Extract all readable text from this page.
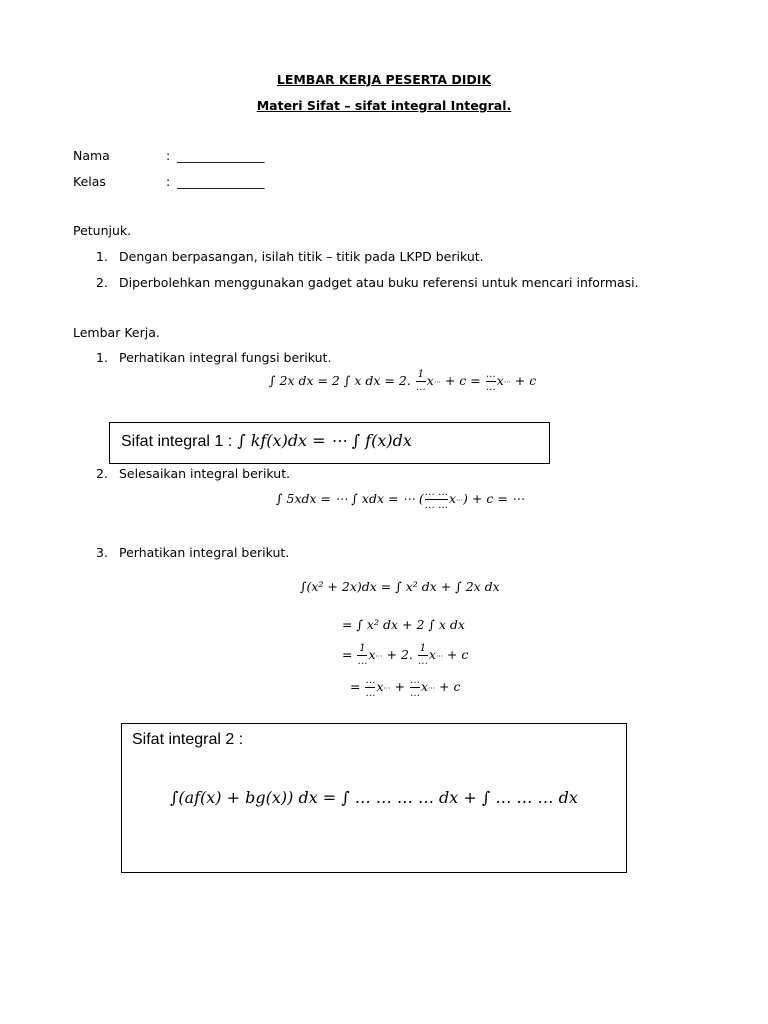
LEMBAR KERJA PESERTA DIDIK
Materi Sifat – sifat integral Integral.
Nama	: ______________
Kelas	: ______________
Petunjuk.
1. Dengan berpasangan, isilah titik – titik pada LKPD berikut.
2. Diperbolehkan menggunakan gadget atau buku referensi untuk mencari informasi.
Lembar Kerja.
1. Perhatikan integral fungsi berikut.
∫ 2x dx = 2 ∫ x dx = 2. $\frac{1}{\dots} x^\dots + c = \frac{\dots}{\dots} x^\dots + c$
Sifat integral 1 : ∫ kf(x)dx = ⋯ ∫ f(x)dx
2. Selesaikan integral berikut.
∫ 5xdx = ⋯ ∫ xdx = ⋯ ( $\frac{\dots \dots}{\dots \dots} x^\dots) + c$ = ⋯
3. Perhatikan integral berikut.
∫(x² + 2x)dx = ∫ x² dx + ∫ 2x dx
= ∫ x² dx + 2 ∫ x dx
= $\frac{1}{\dots} x^\dots + 2$. $\frac{1}{\dots} x^\dots + c$
= $\frac{\dots}{\dots} x^\dots + \frac{\dots}{\dots} x^\dots + c$
Sifat integral 2 :
∫(af(x) + bg(x)) dx = ∫ … … … … dx + ∫ … … … dx
